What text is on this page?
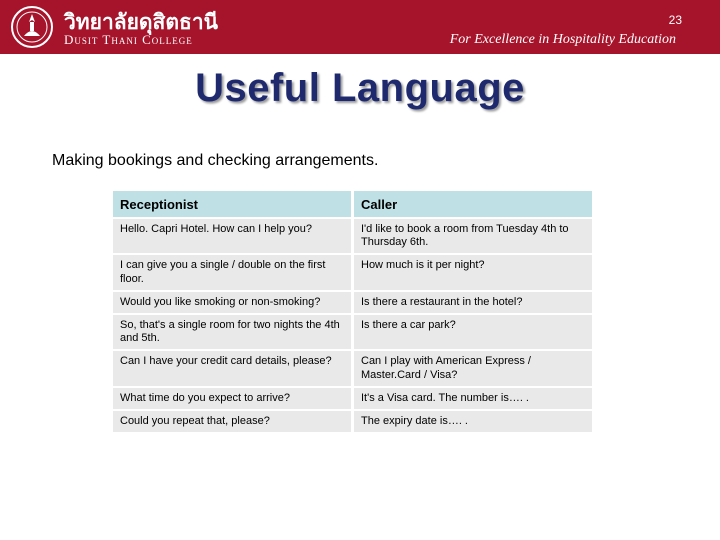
วิทยาลัยดุสิตธานี
Dusit Thani College
23
For Excellence in Hospitality Education
Useful Language
Making bookings and checking arrangements.
Receptionist	Caller
Hello. Capri Hotel. How can I help you?	I'd like to book a room from Tuesday 4th to Thursday 6th.
I can give you a single / double on the first floor.	How much is it per night?
Would you like smoking or non-smoking?	Is there a restaurant in the hotel?
So, that's a single room for two nights the 4th and 5th.	Is there a car park?
Can I have your credit card details, please?	Can I play with American Express / Master.Card / Visa?
What time do you expect to arrive?	It's a Visa card. The number is…. .
Could you repeat that, please?	The expiry date is…. .
